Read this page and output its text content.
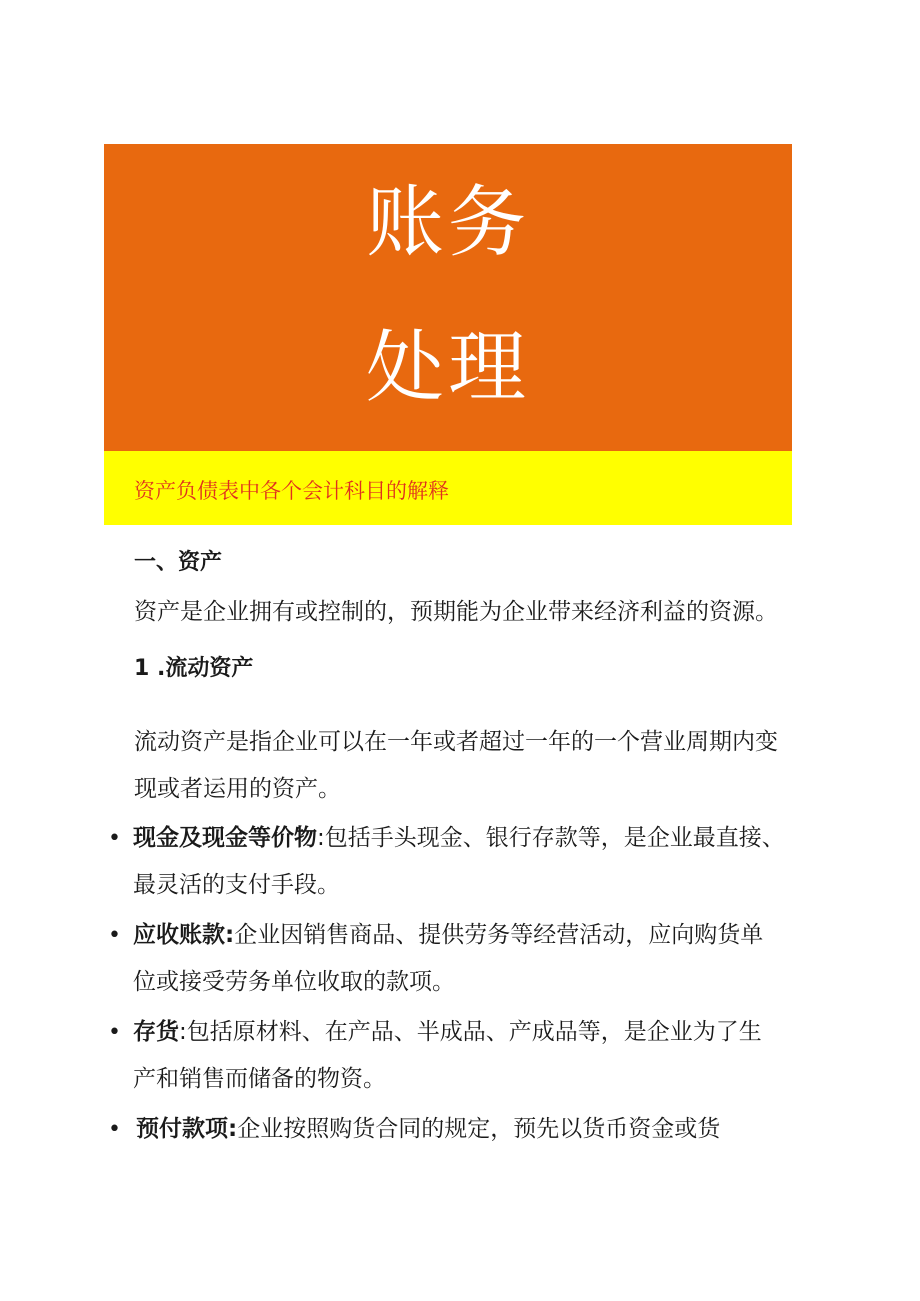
账务
处理
资产负债表中各个会计科目的解释
一、资产
资产是企业拥有或控制的，预期能为企业带来经济利益的资源。
1 .流动资产
流动资产是指企业可以在一年或者超过一年的一个营业周期内变
现或者运用的资产。
• 现金及现金等价物:包括手头现金、银行存款等，是企业最直接、
最灵活的支付手段。
• 应收账款:企业因销售商品、提供劳务等经营活动，应向购货单
位或接受劳务单位收取的款项。
• 存货:包括原材料、在产品、半成品、产成品等，是企业为了生
产和销售而储备的物资。
• 预付款项:企业按照购货合同的规定，预先以货币资金或货
